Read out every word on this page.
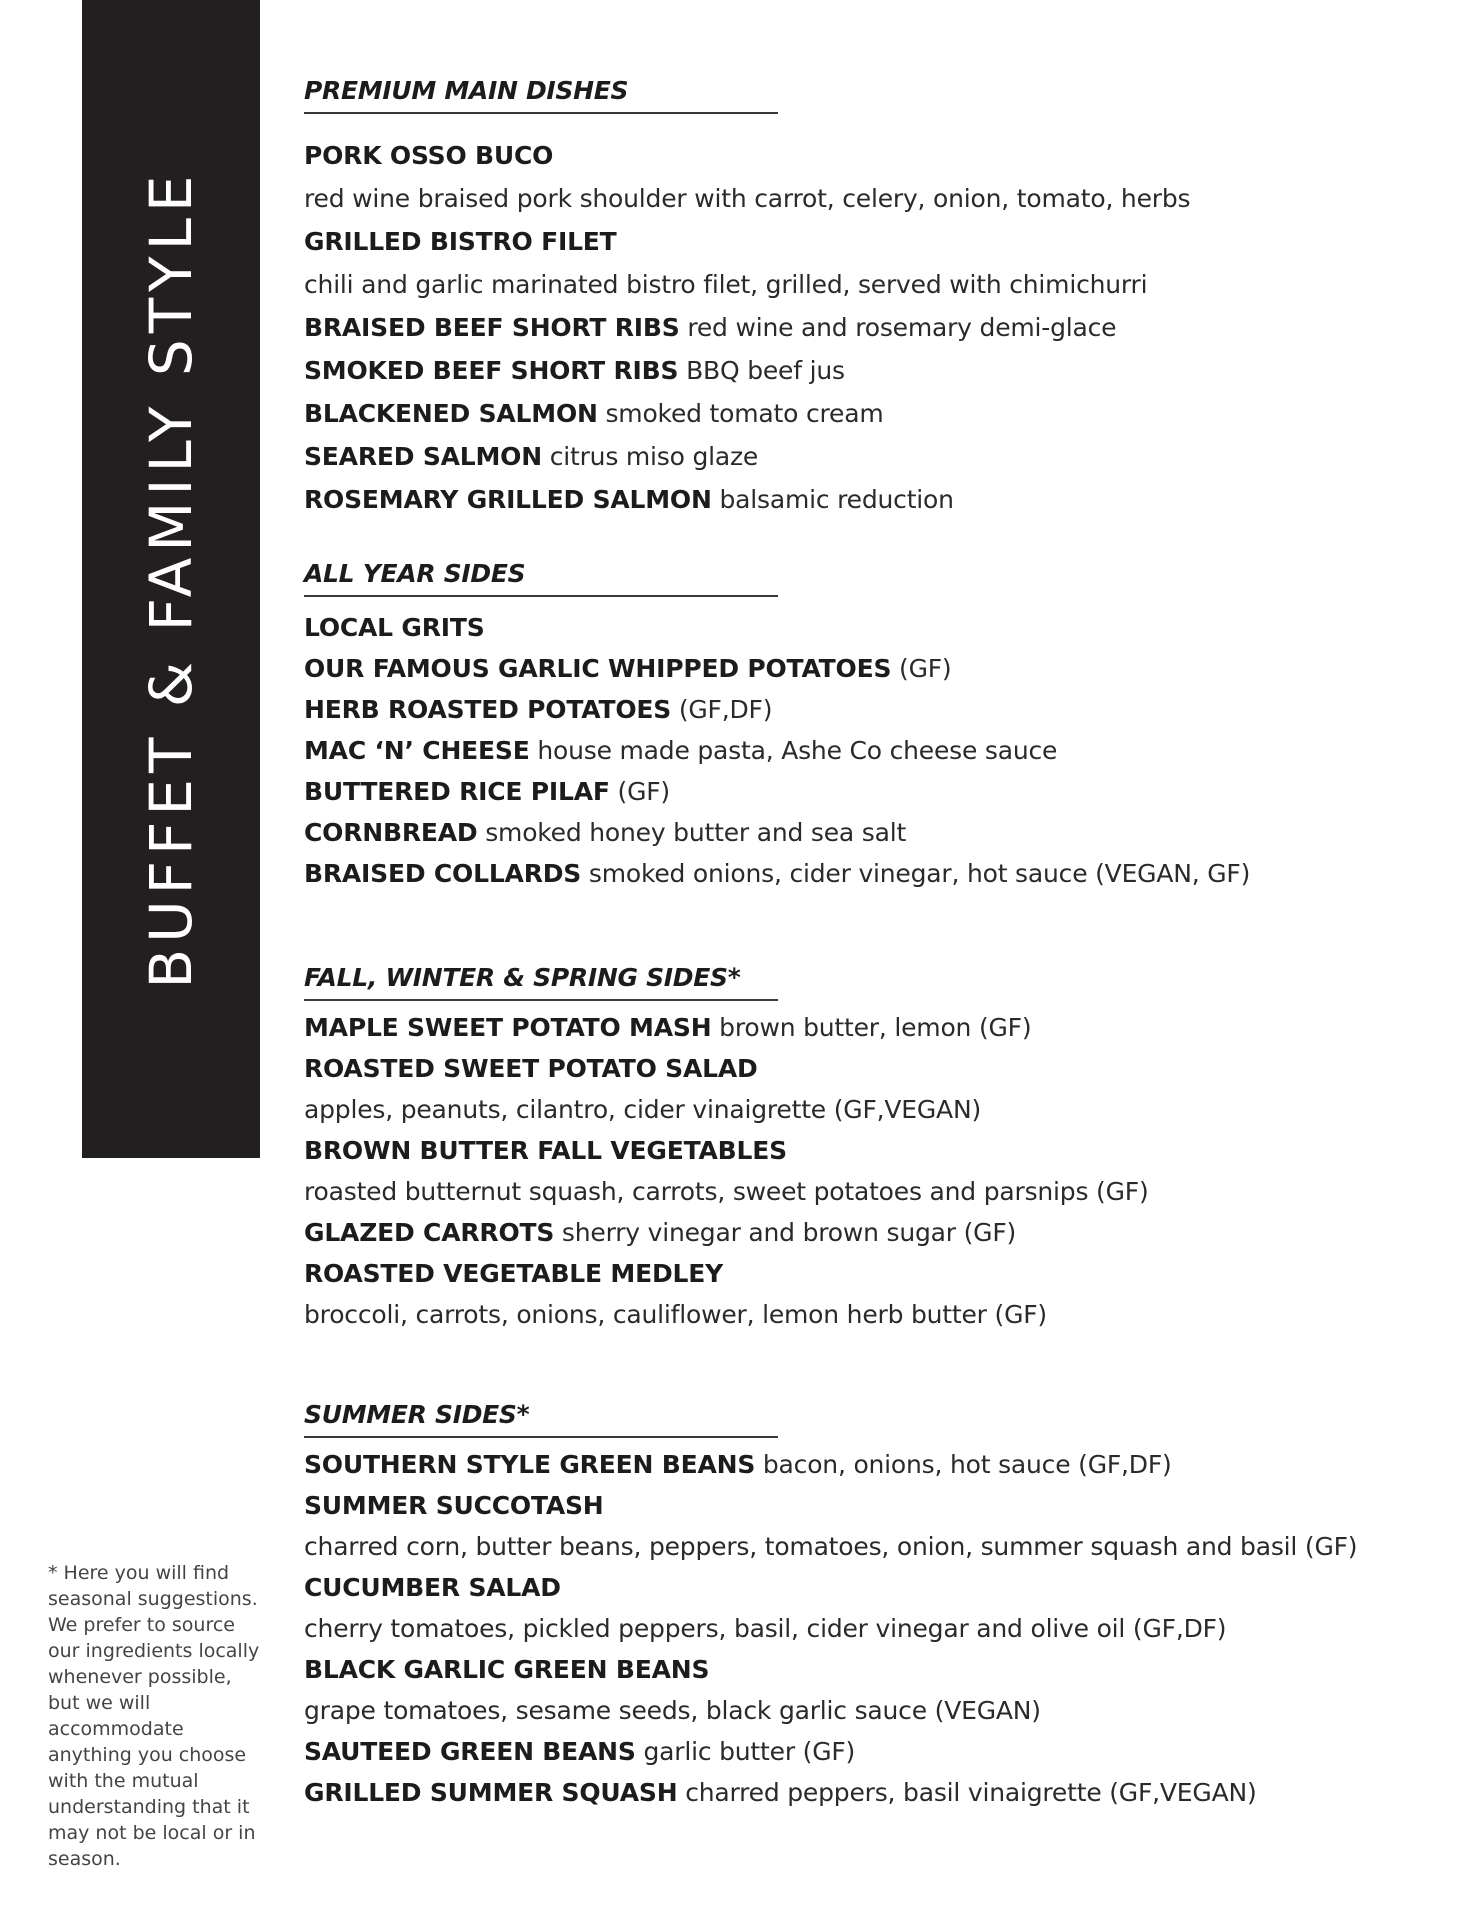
BUFFET & FAMILY STYLE
PREMIUM MAIN DISHES
PORK OSSO BUCO
red wine braised pork shoulder with carrot, celery, onion, tomato, herbs
GRILLED BISTRO FILET
chili and garlic marinated bistro filet, grilled, served with chimichurri
BRAISED BEEF SHORT RIBS red wine and rosemary demi-glace
SMOKED BEEF SHORT RIBS BBQ beef jus
BLACKENED SALMON smoked tomato cream
SEARED SALMON citrus miso glaze
ROSEMARY GRILLED SALMON balsamic reduction
ALL YEAR SIDES
LOCAL GRITS
OUR FAMOUS GARLIC WHIPPED POTATOES (GF)
HERB ROASTED POTATOES (GF,DF)
MAC ‘N’ CHEESE house made pasta, Ashe Co cheese sauce
BUTTERED RICE PILAF (GF)
CORNBREAD smoked honey butter and sea salt
BRAISED COLLARDS smoked onions, cider vinegar, hot sauce (VEGAN, GF)
FALL, WINTER & SPRING SIDES*
MAPLE SWEET POTATO MASH brown butter, lemon (GF)
ROASTED SWEET POTATO SALAD
apples, peanuts, cilantro, cider vinaigrette (GF,VEGAN)
BROWN BUTTER FALL VEGETABLES
roasted butternut squash, carrots, sweet potatoes and parsnips (GF)
GLAZED CARROTS sherry vinegar and brown sugar (GF)
ROASTED VEGETABLE MEDLEY
broccoli, carrots, onions, cauliflower, lemon herb butter (GF)
SUMMER SIDES*
SOUTHERN STYLE GREEN BEANS bacon, onions, hot sauce (GF,DF)
SUMMER SUCCOTASH
charred corn, butter beans, peppers, tomatoes, onion, summer squash and basil (GF)
CUCUMBER SALAD
cherry tomatoes, pickled peppers, basil, cider vinegar and olive oil (GF,DF)
BLACK GARLIC GREEN BEANS
grape tomatoes, sesame seeds, black garlic sauce (VEGAN)
SAUTEED GREEN BEANS garlic butter (GF)
GRILLED SUMMER SQUASH charred peppers, basil vinaigrette (GF,VEGAN)
* Here you will find seasonal suggestions. We prefer to source our ingredients locally whenever possible, but we will accommodate anything you choose with the mutual understanding that it may not be local or in season.
